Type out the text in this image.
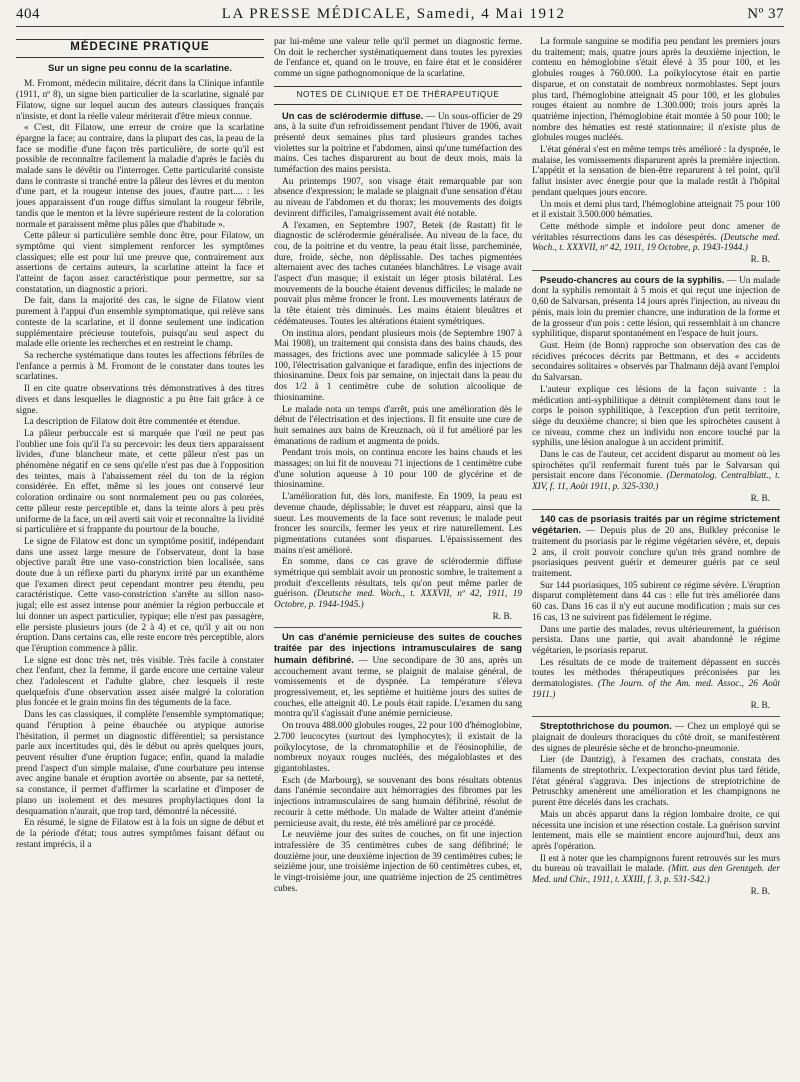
404	LA PRESSE MÉDICALE, Samedi, 4 Mai 1912	Nº 37
MÉDECINE PRATIQUE
Sur un signe peu connu de la scarlatine.

M. Fromont, médecin militaire, décrit dans la Clinique infantile (1911, nº 8), un signe bien particulier de la scarlatine, signalé par Filatow, signe sur lequel aucun des auteurs classiques français n'insiste, et dont la réelle valeur mériterait d'être mieux connue.

« C'est, dit Filatow, une erreur de croire que la scarlatine épargne la face; au contraire, dans la plupart des cas, la peau de la face se modifie d'une façon très particulière, de sorte qu'il est possible de reconnaître facilement la maladie d'après le faciès du malade sans le dévêtir ou l'interroger. Cette particularité consiste dans le contraste si tranché entre la pâleur des lèvres et du menton d'une part, et la rougeur intense des joues, d'autre part.... : les joues apparaissent d'un rouge diffus simulant la rougeur fébrile, tandis que le menton et la lèvre supérieure restent de la coloration normale et paraissent même plus pâles que d'habitude ».

Cette pâleur si particulière semble donc être, pour Filatow, un symptôme qui vient simplement renforcer les symptômes classiques; elle est pour lui une preuve que, contrairement aux assertions de certains auteurs, la scarlatine atteint la face et l'atteint de façon assez caractéristique pour permettre, sur sa constatation, un diagnostic a priori.

De fait, dans la majorité des cas, le signe de Filatow vient purement à l'appui d'un ensemble symptomatique, qui relève sans conteste de la scarlatine, et il donne seulement une indication supplémentaire précieuse toutefois, puisqu'au seul aspect du malade elle oriente les recherches et en restreint le champ.

Sa recherche systématique dans toutes les affections fébriles de l'enfance a permis à M. Fromont de le constater dans toutes les scarlatines.

Il en cite quatre observations très démonstratives à des titres divers et dans lesquelles le diagnostic a pu être fait grâce à ce signe.

La description de Filatow doit être commentée et étendue.

La pâleur perbuccale est si marquée que l'œil ne peut pas l'oublier une fois qu'il l'a su percevoir: les deux tiers apparaissent livides, d'une blancheur mate, et cette pâleur n'est pas un phénomène négatif en ce sens qu'elle n'est pas due à l'opposition des teintes, mais à l'abaissement réel du ton de la région considérée. En effet, même si les joues ont conservé leur coloration ordinaire ou sont normalement peu ou pas colorées, cette pâleur reste perceptible et, dans la teinte alors à peu près uniforme de la face, un œil averti sait voir et reconnaître la lividité si particulière et si frappante du pourtour de la bouche.

Le signe de Filatow est donc un symptôme positif, indépendant dans une assez large mesure de l'observateur, dont la base objective paraît être une vaso-constriction bien localisée, sans doute due à un réflexe parti du pharynx irrité par un exanthème que l'examen direct peut cependant montrer peu étendu, peu caractéristique. Cette vaso-constriction s'arrête au sillon naso-jugal; elle est assez intense pour anémier la région perbuccale et lui donner un aspect particulier, typique; elle n'est pas passagère, elle persiste plusieurs jours (de 2 à 4) et ce, qu'il y ait ou non éruption. Dans certains cas, elle reste encore très perceptible, alors que l'éruption commence à pâlir.

Le signe est donc très net, très visible. Très facile à constater chez l'enfant, chez la femme, il garde encore une certaine valeur chez l'adolescent et l'adulte glabre, chez lesquels il reste quelquefois d'une observation assez aisée malgré la coloration plus foncée et le grain moins fin des téguments de la face.

Dans les cas classiques, il complète l'ensemble symptomatique; quand l'éruption à peine ébauchée ou atypique autorise l'hésitation, il permet un diagnostic différentiel; sa persistance parle aux incertitudes qui, dès le début ou après quelques jours, peuvent résulter d'une éruption fugace; enfin, quand la maladie prend l'aspect d'un simple malaise, d'une courbature peu intense avec angine banale et éruption avortée ou absente, par sa netteté, sa constance, il permet d'affirmer la scarlatine et d'imposer de plano un isolement et des mesures prophylactiques dont la desquamation n'aurait, que trop tard, démontré la nécessité.

En résumé, le signe de Filatow est à la fois un signe de début et de la période d'état; tous autres symptômes faisant défaut ou restant imprécis, il a

par lui-même une valeur telle qu'il permet un diagnostic ferme. On doit le rechercher systématiquement dans toutes les pyrexies de l'enfance et, quand on le trouve, en faire état et le considérer comme un signe pathognomonique de la scarlatine.

NOTES DE CLINIQUE ET DE THÉRAPEUTIQUE

Un cas de sclérodermie diffuse. — Un sous-officier de 29 ans, à la suite d'un refroidissement pendant l'hiver de 1906, avait présenté deux semaines plus tard plusieurs grandes taches violettes sur la poitrine et l'abdomen, ainsi qu'une tuméfaction des mains. Ces taches disparurent au bout de deux mois, mais la tuméfaction des mains persista.

Au printemps 1907, son visage était remarquable par son absence d'expression; le malade se plaignait d'une sensation d'étau au niveau de l'abdomen et du thorax; les mouvements des doigts devinrent difficiles, l'amaigrissement avait été notable.

A l'examen, en Septembre 1907, Betek (de Rastatt) fit le diagnostic de sclérodermie généralisée. Au niveau de la face, du cou, de la poitrine et du ventre, la peau était lisse, parcheminée, dure, froide, sèche, non déplissable. Des taches pigmentées alternaient avec des taches cutanées blanchâtres. Le visage avait l'aspect d'un masque; il existait un léger ptosis bilatéral. Les mouvements de la bouche étaient devenus difficiles; le malade ne pouvait plus même froncer le front. Les mouvements latéraux de la tête étaient très diminués. Les mains étaient bleuâtres et cédémateuses. Toutes les altérations étaient symétriques.

On institua alors, pendant plusieurs mois (de Septembre 1907 à Mai 1908), un traitement qui consista dans des bains chauds, des massages, des frictions avec une pommade salicylée à 15 pour 100, l'électrisation galvanique et faradique, enfin des injections de thiosinamine. Deux fois par semaine, on injectait dans la peau du dos 1/2 à 1 centimètre cube de solution alcoolique de thiosinamine.

Le malade nota un temps d'arrêt, puis une amélioration dès le début de l'électrisation et des injections. Il fit ensuite une cure de huit semaines aux bains de Kreuznach, où il fut amélioré par les émanations de radium et augmenta de poids.

Pendant trois mois, on continua encore les bains chauds et les massages; on lui fit de nouveau 71 injections de 1 centimètre cube d'une solution aqueuse à 10 pour 100 de glycérine et de thiosinamine.

L'amélioration fut, dès lors, manifeste. En 1909, la peau est devenue chaude, déplissable; le duvet est réapparu, ainsi que la sueur. Les mouvements de la face sont revenus; le malade peut froncer les sourcils, fermer les yeux et rire naturellement. Les pigmentations cutanées sont disparues. L'épaississement des mains n'est amélioré.

En somme, dans ce cas grave de sclérodermie diffuse symétrique qui semblait avoir un pronostic sombre, le traitement a produit d'excellents résultats, tels qu'on peut même parler de guérison. (Deutsche med. Woch., t. XXXVII, nº 42, 1911, 19 Octobre, p. 1944-1945.)

R. B.

Un cas d'anémie pernicieuse des suites de couches traitée par des injections intramusculaires de sang humain défibriné. — Une secondipare de 30 ans, après un accouchement avant terme, se plaignit de malaise général, de vomissements et de dyspnée. La température s'éleva progressivement, et, les septième et huitième jours des suites de couches, elle atteignit 40. Le pouls était rapide. L'examen du sang montra qu'il s'agissait d'une anémie pernicieuse.

On trouva 488.000 globules rouges, 22 pour 100 d'hémoglobine, 2.700 leucocytes (surtout des lymphocytes); il existait de la poïkylocytose, de la chromatophilie et de l'éosinophilie, de nombreux noyaux rouges nucléés, des mégaloblastes et des gigantoblastes.

Esch (de Marbourg), se souvenant des bons résultats obtenus dans l'anémie secondaire aux hémorragies des fibromes par les injections intramusculaires de sang humain défibriné, résolut de recourir à cette méthode. Un malade de Walter atteint d'anémie pernicieuse avait, du reste, été très amélioré par ce procédé.

Le neuvième jour des suites de couches, on fit une injection intrafessière de 35 centimètres cubes de sang défibriné; le douzième jour, une deuxième injection de 39 centimètres cubes; le seizième jour, une troisième injection de 60 centimètres cubes, et, le vingt-troisième jour, une quatrième injection de 25 centimètres cubes.

La formule sanguine se modifia peu pendant les premiers jours du traitement; mais, quatre jours après la deuxième injection, le contenu en hémoglobine s'était élevé à 35 pour 100, et les globules rouges à 760.000. La poïkylocytose était en partie disparue, et on constatait de nombreux normoblastes. Sept jours plus tard, l'hémoglobine atteignait 45 pour 100, et les globules rouges étaient au nombre de 1.300.000; trois jours après la quatrième injection, l'hémoglobine était montée à 50 pour 100; le nombre des hématies est resté stationnaire; il n'existe plus de globules rouges nucléés.

L'état général s'est en même temps très amélioré : la dyspnée, le malaise, les vomissements disparurent après la première injection. L'appétit et la sensation de bien-être reparurent à tel point, qu'il fallut insister avec énergie pour que la malade restât à l'hôpital pendant quelques jours encore.

Un mois et demi plus tard, l'hémoglobine atteignait 75 pour 100 et il existait 3.500.000 hématies.

Cette méthode simple et indolore peut donc amener de véritables résurrections dans les cas désespérés. (Deutsche med. Woch., t. XXXVII, nº 42, 1911, 19 Octobre, p. 1943-1944.)

R. B.

Pseudo-chancres au cours de la syphilis. — Un malade dont la syphilis remontait à 5 mois et qui reçut une injection de 0,60 de Salvarsan, présenta 14 jours après l'injection, au niveau du pénis, mais loin du premier chancre, une induration de la forme et de la grosseur d'un pois : cette lésion, qui ressemblait à un chancre syphilitique, disparut spontanément en l'espace de huit jours.

Gust. Heim (de Bonn) rapproche son observation des cas de récidives précoces décrits par Bettmann, et des « accidents secondaires solitaires » observés par Thalmann déjà avant l'emploi du Salvarsan.

L'auteur explique ces lésions de la façon suivante : la médication anti-syphilitique a détruit complètement dans tout le corps le poison syphilitique, à l'exception d'un petit territoire, siège du deuxième chancre; si bien que les spirochètes causent à ce niveau, comme chez un individu non encore touché par la syphilis, une lésion analogue à un accident primitif.

Dans le cas de l'auteur, cet accident disparut au moment où les spirochètes qu'il renfermait furent tués par le Salvarsan qui persistait encore dans l'économie. (Dermatolog. Centralblatt., t. XIV, f. 11, Août 1911, p. 325-330.)

R. B.

140 cas de psoriasis traités par un régime strictement végétarien. — Depuis plus de 20 ans, Bulkley préconise le traitement du psoriasis par le régime végétarien sévère, et, depuis 2 ans, il croit pouvoir conclure qu'un très grand nombre de psoriasiques peuvent guérir et demeurer guéris par ce seul traitement.

Sur 144 psoriasiques, 105 subirent ce régime sévère. L'éruption disparut complètement dans 44 cas : elle fut très améliorée dans 60 cas. Dans 16 cas il n'y eut aucune modification ; mais sur ces 16 cas, 13 ne suivirent pas fidèlement le régime.

Dans une partie des malades, revus ultérieurement, la guérison persista. Dans une partie, qui avait abandonné le régime végétarien, le psoriasis reparut.

Les résultats de ce mode de traitement dépassent en succès toutes les méthodes thérapeutiques préconisées par les dermatologistes. (The Journ. of the Am. med. Assoc., 26 Août 1911.)

R. B.

Streptothrichose du poumon. — Chez un employé qui se plaignait de douleurs thoraciques du côté droit, se manifestèrent des signes de pleurésie sèche et de broncho-pneumonie.

Lier (de Dantzig), à l'examen des crachats, constata des filaments de streptothrix. L'expectoration devint plus tard fétide, l'état général s'aggrava. Des injections de streptotrichine de Petruschky amenèrent une amélioration et les champignons ne purent être décelés dans les crachats.

Mais un abcès apparut dans la région lombaire droite, ce qui nécessita une incision et une résection costale. La guérison survint lentement, mais elle se maintient encore aujourd'hui, deux ans après l'opération.

Il est à noter que les champignons furent retrouvés sur les murs du bureau où travaillait le malade. (Mitt. aus den Grenzgeb. der Med. und Chir., 1911, t. XXIII, f. 3, p. 531-542.)

R. B.
